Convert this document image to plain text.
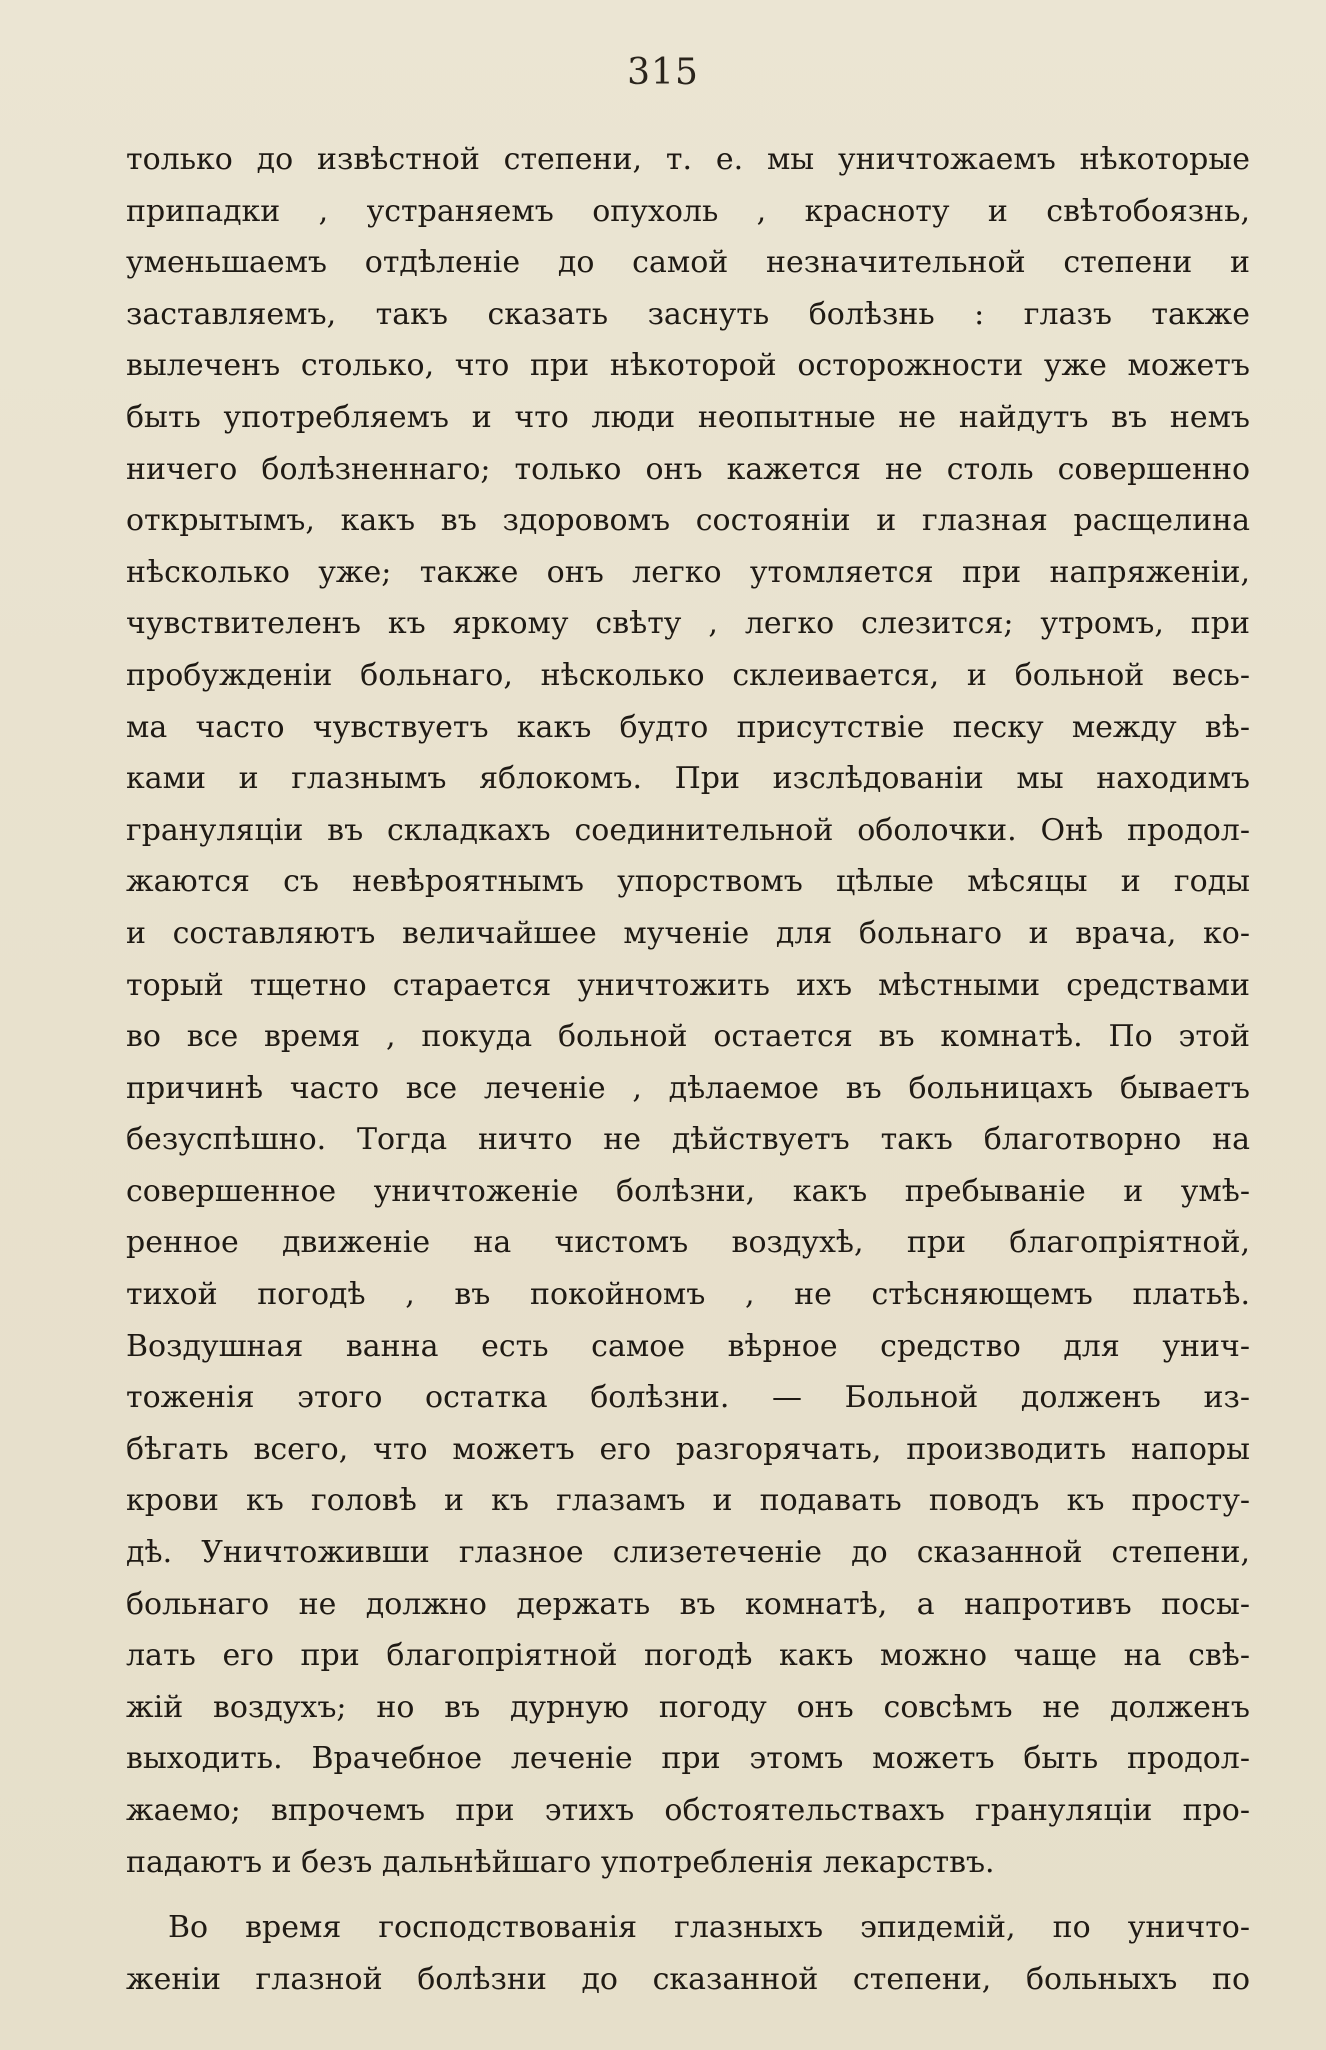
315
только до извѣстной степени, т. е. мы уничтожаемъ нѣкоторые
припадки , устраняемъ опухоль , красноту и свѣтобоязнь,
уменьшаемъ отдѣленіе до самой незначительной степени и
заставляемъ, такъ сказать заснуть болѣзнь : глазъ также
вылеченъ столько, что при нѣкоторой осторожности уже можетъ
быть употребляемъ и что люди неопытные не найдутъ въ немъ
ничего болѣзненнаго; только онъ кажется не столь совершенно
открытымъ, какъ въ здоровомъ состояніи и глазная расщелина
нѣсколько уже; также онъ легко утомляется при напряженіи,
чувствителенъ къ яркому свѣту , легко слезится; утромъ, при
пробужденіи больнаго, нѣсколько склеивается, и больной весь-
ма часто чувствуетъ какъ будто присутствіе песку между вѣ-
ками и глазнымъ яблокомъ. При изслѣдованіи мы находимъ
грануляціи въ складкахъ соединительной оболочки. Онѣ продол-
жаются съ невѣроятнымъ упорствомъ цѣлые мѣсяцы и годы
и составляютъ величайшее мученіе для больнаго и врача, ко-
торый тщетно старается уничтожить ихъ мѣстными средствами
во все время , покуда больной остается въ комнатѣ. По этой
причинѣ часто все леченіе , дѣлаемое въ больницахъ бываетъ
безуспѣшно. Тогда ничто не дѣйствуетъ такъ благотворно на
совершенное уничтоженіе болѣзни, какъ пребываніе и умѣ-
ренное движеніе на чистомъ воздухѣ, при благопріятной,
тихой погодѣ , въ покойномъ , не стѣсняющемъ платьѣ.
Воздушная ванна есть самое вѣрное средство для унич-
тоженія этого остатка болѣзни. — Больной долженъ из-
бѣгать всего, что можетъ его разгорячать, производить напоры
крови къ головѣ и къ глазамъ и подавать поводъ къ просту-
дѣ. Уничтоживши глазное слизетеченіе до сказанной степени,
больнаго не должно держать въ комнатѣ, а напротивъ посы-
лать его при благопріятной погодѣ какъ можно чаще на свѣ-
жій воздухъ; но въ дурную погоду онъ совсѣмъ не долженъ
выходить. Врачебное леченіе при этомъ можетъ быть продол-
жаемо; впрочемъ при этихъ обстоятельствахъ грануляціи про-
падаютъ и безъ дальнѣйшаго употребленія лекарствъ.
Во время господствованія глазныхъ эпидемій, по уничто-
женіи глазной болѣзни до сказанной степени, больныхъ по
